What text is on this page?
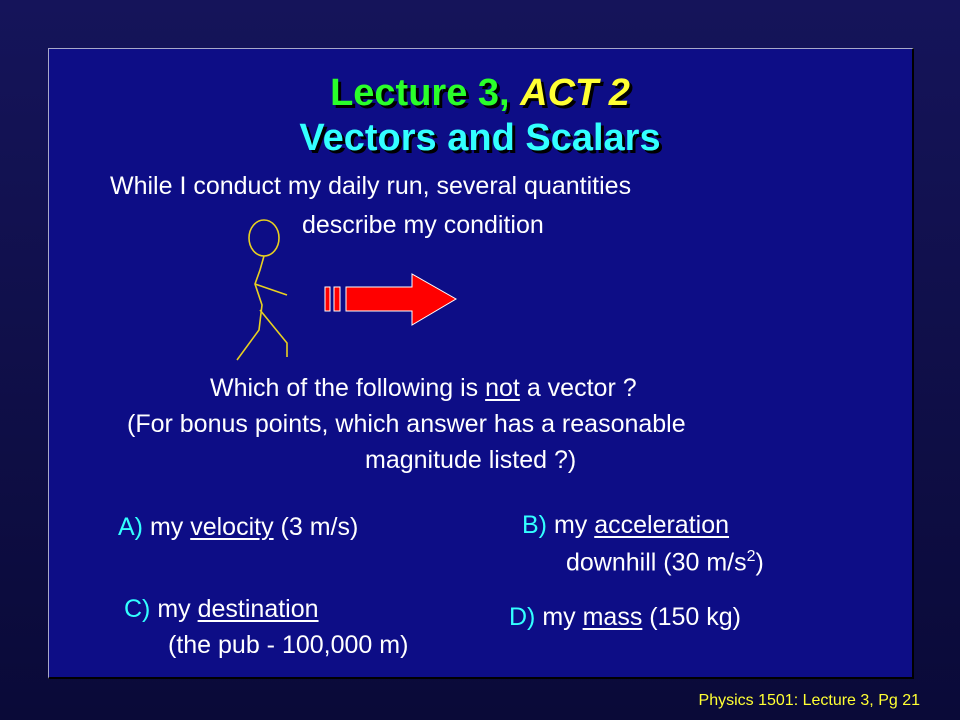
Lecture 3, ACT 2
Vectors and Scalars
While I conduct my daily run, several quantities
describe my condition
Which of the following is not a vector ?
(For bonus points, which answer has a reasonable
magnitude listed ?)
A) my velocity (3 m/s)	B) my acceleration
downhill (30 $m/s^2$)
C) my destination
(the pub - 100,000 m)
D) my mass (150 kg)
Physics 1501: Lecture 3, Pg 21
